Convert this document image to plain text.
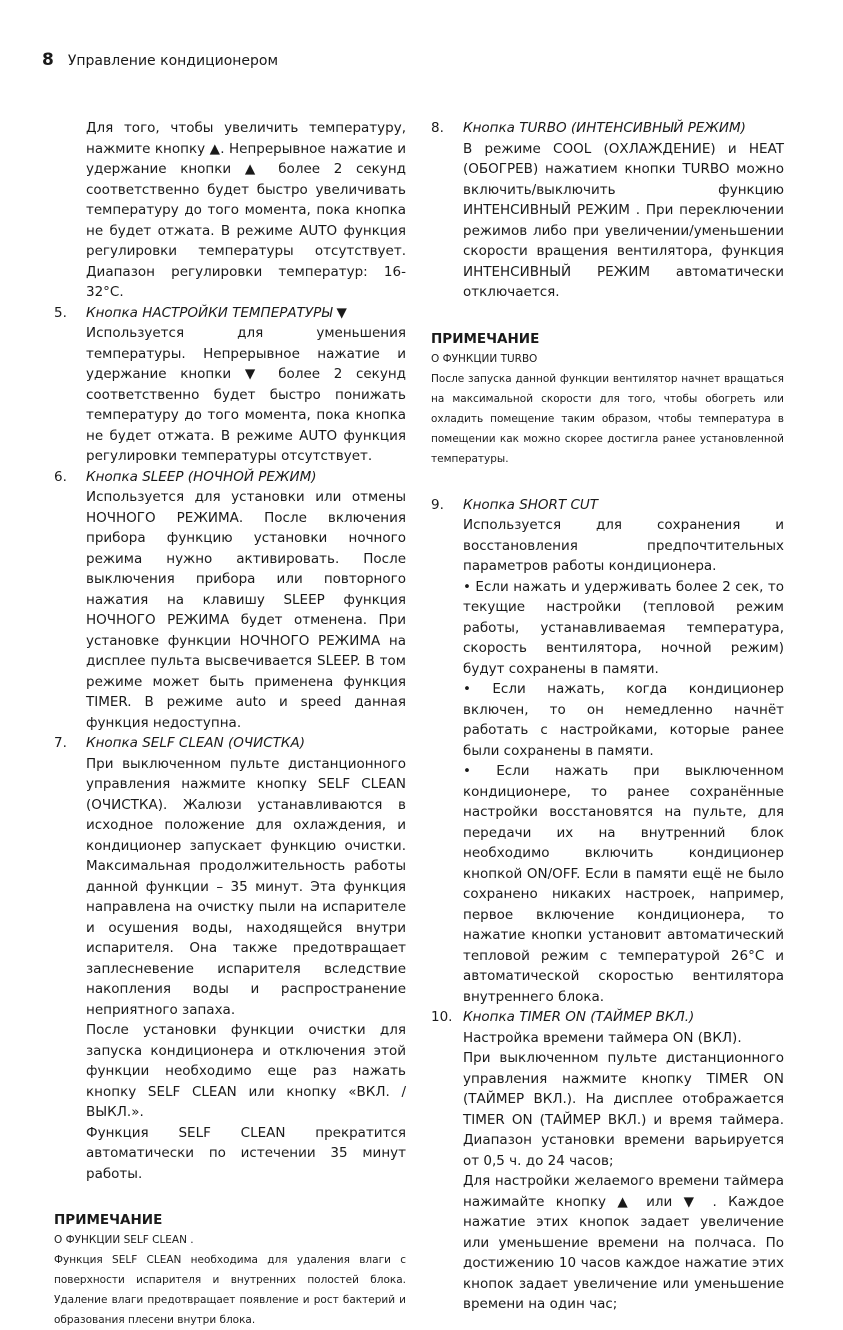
8 Управление кондиционером

Для того, чтобы увеличить температуру, нажмите кнопку ▲. Непрерывное нажатие и удержание кнопки ▲ более 2 секунд соответственно будет быстро увеличивать температуру до того момента, пока кнопка не будет отжата. В режиме AUTO функция регулировки температуры отсутствует. Диапазон регулировки температур: 16-32°C.

5. Кнопка НАСТРОЙКИ ТЕМПЕРАТУРЫ ▼

Используется для уменьшения температуры. Непрерывное нажатие и удержание кнопки ▼ более 2 секунд соответственно будет быстро понижать температуру до того момента, пока кнопка не будет отжата. В режиме AUTO функция регулировки температуры отсутствует.

6. Кнопка SLEEP (НОЧНОЙ РЕЖИМ)

Используется для установки или отмены НОЧНОГО РЕЖИМА. После включения прибора функцию установки ночного режима нужно активировать. После выключения прибора или повторного нажатия на клавишу SLEEP функция НОЧНОГО РЕЖИМА будет отменена. При установке функции НОЧНОГО РЕЖИМА на дисплее пульта высвечивается SLEEP. В том режиме может быть применена функция TIMER. В режиме auto и speed данная функция недоступна.

7. Кнопка SELF CLEAN (ОЧИСТКА)

При выключенном пульте дистанционного управления нажмите кнопку SELF CLEAN (ОЧИСТКА). Жалюзи устанавливаются в исходное положение для охлаждения, и кондиционер запускает функцию очистки. Максимальная продолжительность работы данной функции – 35 минут. Эта функция направлена на очистку пыли на испарителе и осушения воды, находящейся внутри испарителя. Она также предотвращает заплесневение испарителя вследствие накопления воды и распространение неприятного запаха.

После установки функции очистки для запуска кондиционера и отключения этой функции необходимо еще раз нажать кнопку SELF CLEAN или кнопку «ВКЛ. / ВЫКЛ.».

Функция SELF CLEAN прекратится автоматически по истечении 35 минут работы.

ПРИМЕЧАНИЕ
О ФУНКЦИИ SELF CLEAN .
Функция SELF CLEAN необходима для удаления влаги с поверхности испарителя и внутренних полостей блока. Удаление влаги предотвращает появление и рост бактерий и образования плесени внутри блока.
8. Кнопка TURBO (ИНТЕНСИВНЫЙ РЕЖИМ)

В режиме COOL (ОХЛАЖДЕНИЕ) и HEAT (ОБОГРЕВ) нажатием кнопки TURBO можно включить/выключить функцию ИНТЕНСИВНЫЙ РЕЖИМ . При переключении режимов либо при увеличении/уменьшении скорости вращения вентилятора, функция ИНТЕНСИВНЫЙ РЕЖИМ автоматически отключается.

ПРИМЕЧАНИЕ
О ФУНКЦИИ TURBO
После запуска данной функции вентилятор начнет вращаться на максимальной скорости для того, чтобы обогреть или охладить помещение таким образом, чтобы температура в помещении как можно скорее достигла ранее установленной температуры.
9. Кнопка SHORT CUT

Используется для сохранения и восстановления предпочтительных параметров работы кондиционера.

• Если нажать и удерживать более 2 сек, то текущие настройки (тепловой режим работы, устанавливаемая температура, скорость вентилятора, ночной режим) будут сохранены в памяти.

• Если нажать, когда кондиционер включен, то он немедленно начнёт работать с настройками, которые ранее были сохранены в памяти.

• Если нажать при выключенном кондиционере, то ранее сохранённые настройки восстановятся на пульте, для передачи их на внутренний блок необходимо включить кондиционер кнопкой ON/OFF. Если в памяти ещё не было сохранено никаких настроек, например, первое включение кондиционера, то нажатие кнопки установит автоматический тепловой режим с температурой 26°C и автоматической скоростью вентилятора внутреннего блока.

10. Кнопка TIMER ON (ТАЙМЕР ВКЛ.)

Настройка времени таймера ON (ВКЛ).

При выключенном пульте дистанционного управления нажмите кнопку TIMER ON (ТАЙМЕР ВКЛ.). На дисплее отображается TIMER ON (ТАЙМЕР ВКЛ.) и время таймера. Диапазон установки времени варьируется от 0,5 ч. до 24 часов;

Для настройки желаемого времени таймера нажимайте кнопку ▲ или ▼ . Каждое нажатие этих кнопок задает увеличение или уменьшение времени на полчаса. По достижению 10 часов каждое нажатие этих кнопок задает увеличение или уменьшение времени на один час;
